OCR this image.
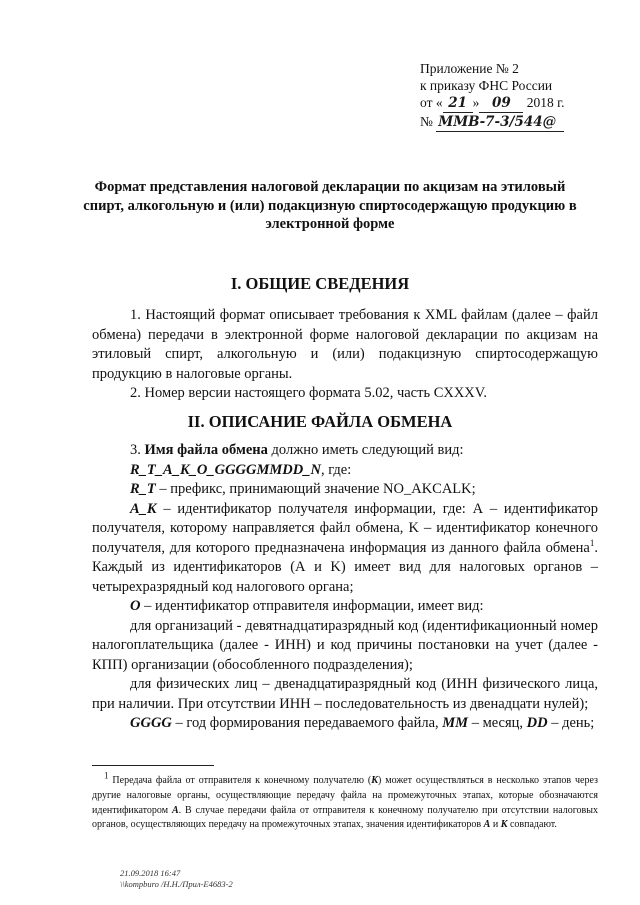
Приложение № 2
к приказу ФНС России
от « 21 » 09 2018 г.
№ ММВ-7-3/544@
Формат представления налоговой декларации по акцизам на этиловый спирт, алкогольную и (или) подакцизную спиртосодержащую продукцию в электронной форме
I. ОБЩИЕ СВЕДЕНИЯ

1. Настоящий формат описывает требования к XML файлам (далее – файл обмена) передачи в электронной форме налоговой декларации по акцизам на этиловый спирт, алкогольную и (или) подакцизную спиртосодержащую продукцию в налоговые органы.

2. Номер версии настоящего формата 5.02, часть CXXXV.

II. ОПИСАНИЕ ФАЙЛА ОБМЕНА

3. Имя файла обмена должно иметь следующий вид:

R_T_A_K_O_GGGGMMDD_N, где:

R_T – префикс, принимающий значение NO_AKCALK;

A_K – идентификатор получателя информации, где: А – идентификатор получателя, которому направляется файл обмена, K – идентификатор конечного получателя, для которого предназначена информация из данного файла обмена$^1$. Каждый из идентификаторов (А и K) имеет вид для налоговых органов – четырехразрядный код налогового органа;

O – идентификатор отправителя информации, имеет вид:

для организаций - девятнадцатиразрядный код (идентификационный номер налогоплательщика (далее - ИНН) и код причины постановки на учет (далее - КПП) организации (обособленного подразделения);

для физических лиц – двенадцатиразрядный код (ИНН физического лица, при наличии. При отсутствии ИНН – последовательность из двенадцати нулей);

GGGG – год формирования передаваемого файла, MM – месяц, DD – день;

$^1$ Передача файла от отправителя к конечному получателю (К) может осуществляться в несколько этапов через другие налоговые органы, осуществляющие передачу файла на промежуточных этапах, которые обозначаются идентификатором А. В случае передачи файла от отправителя к конечному получателю при отсутствии налоговых органов, осуществляющих передачу на промежуточных этапах, значения идентификаторов А и К совпадают.

21.09.2018 16:47
\\kompburo /Н.Н./Прил-Е4683-2
